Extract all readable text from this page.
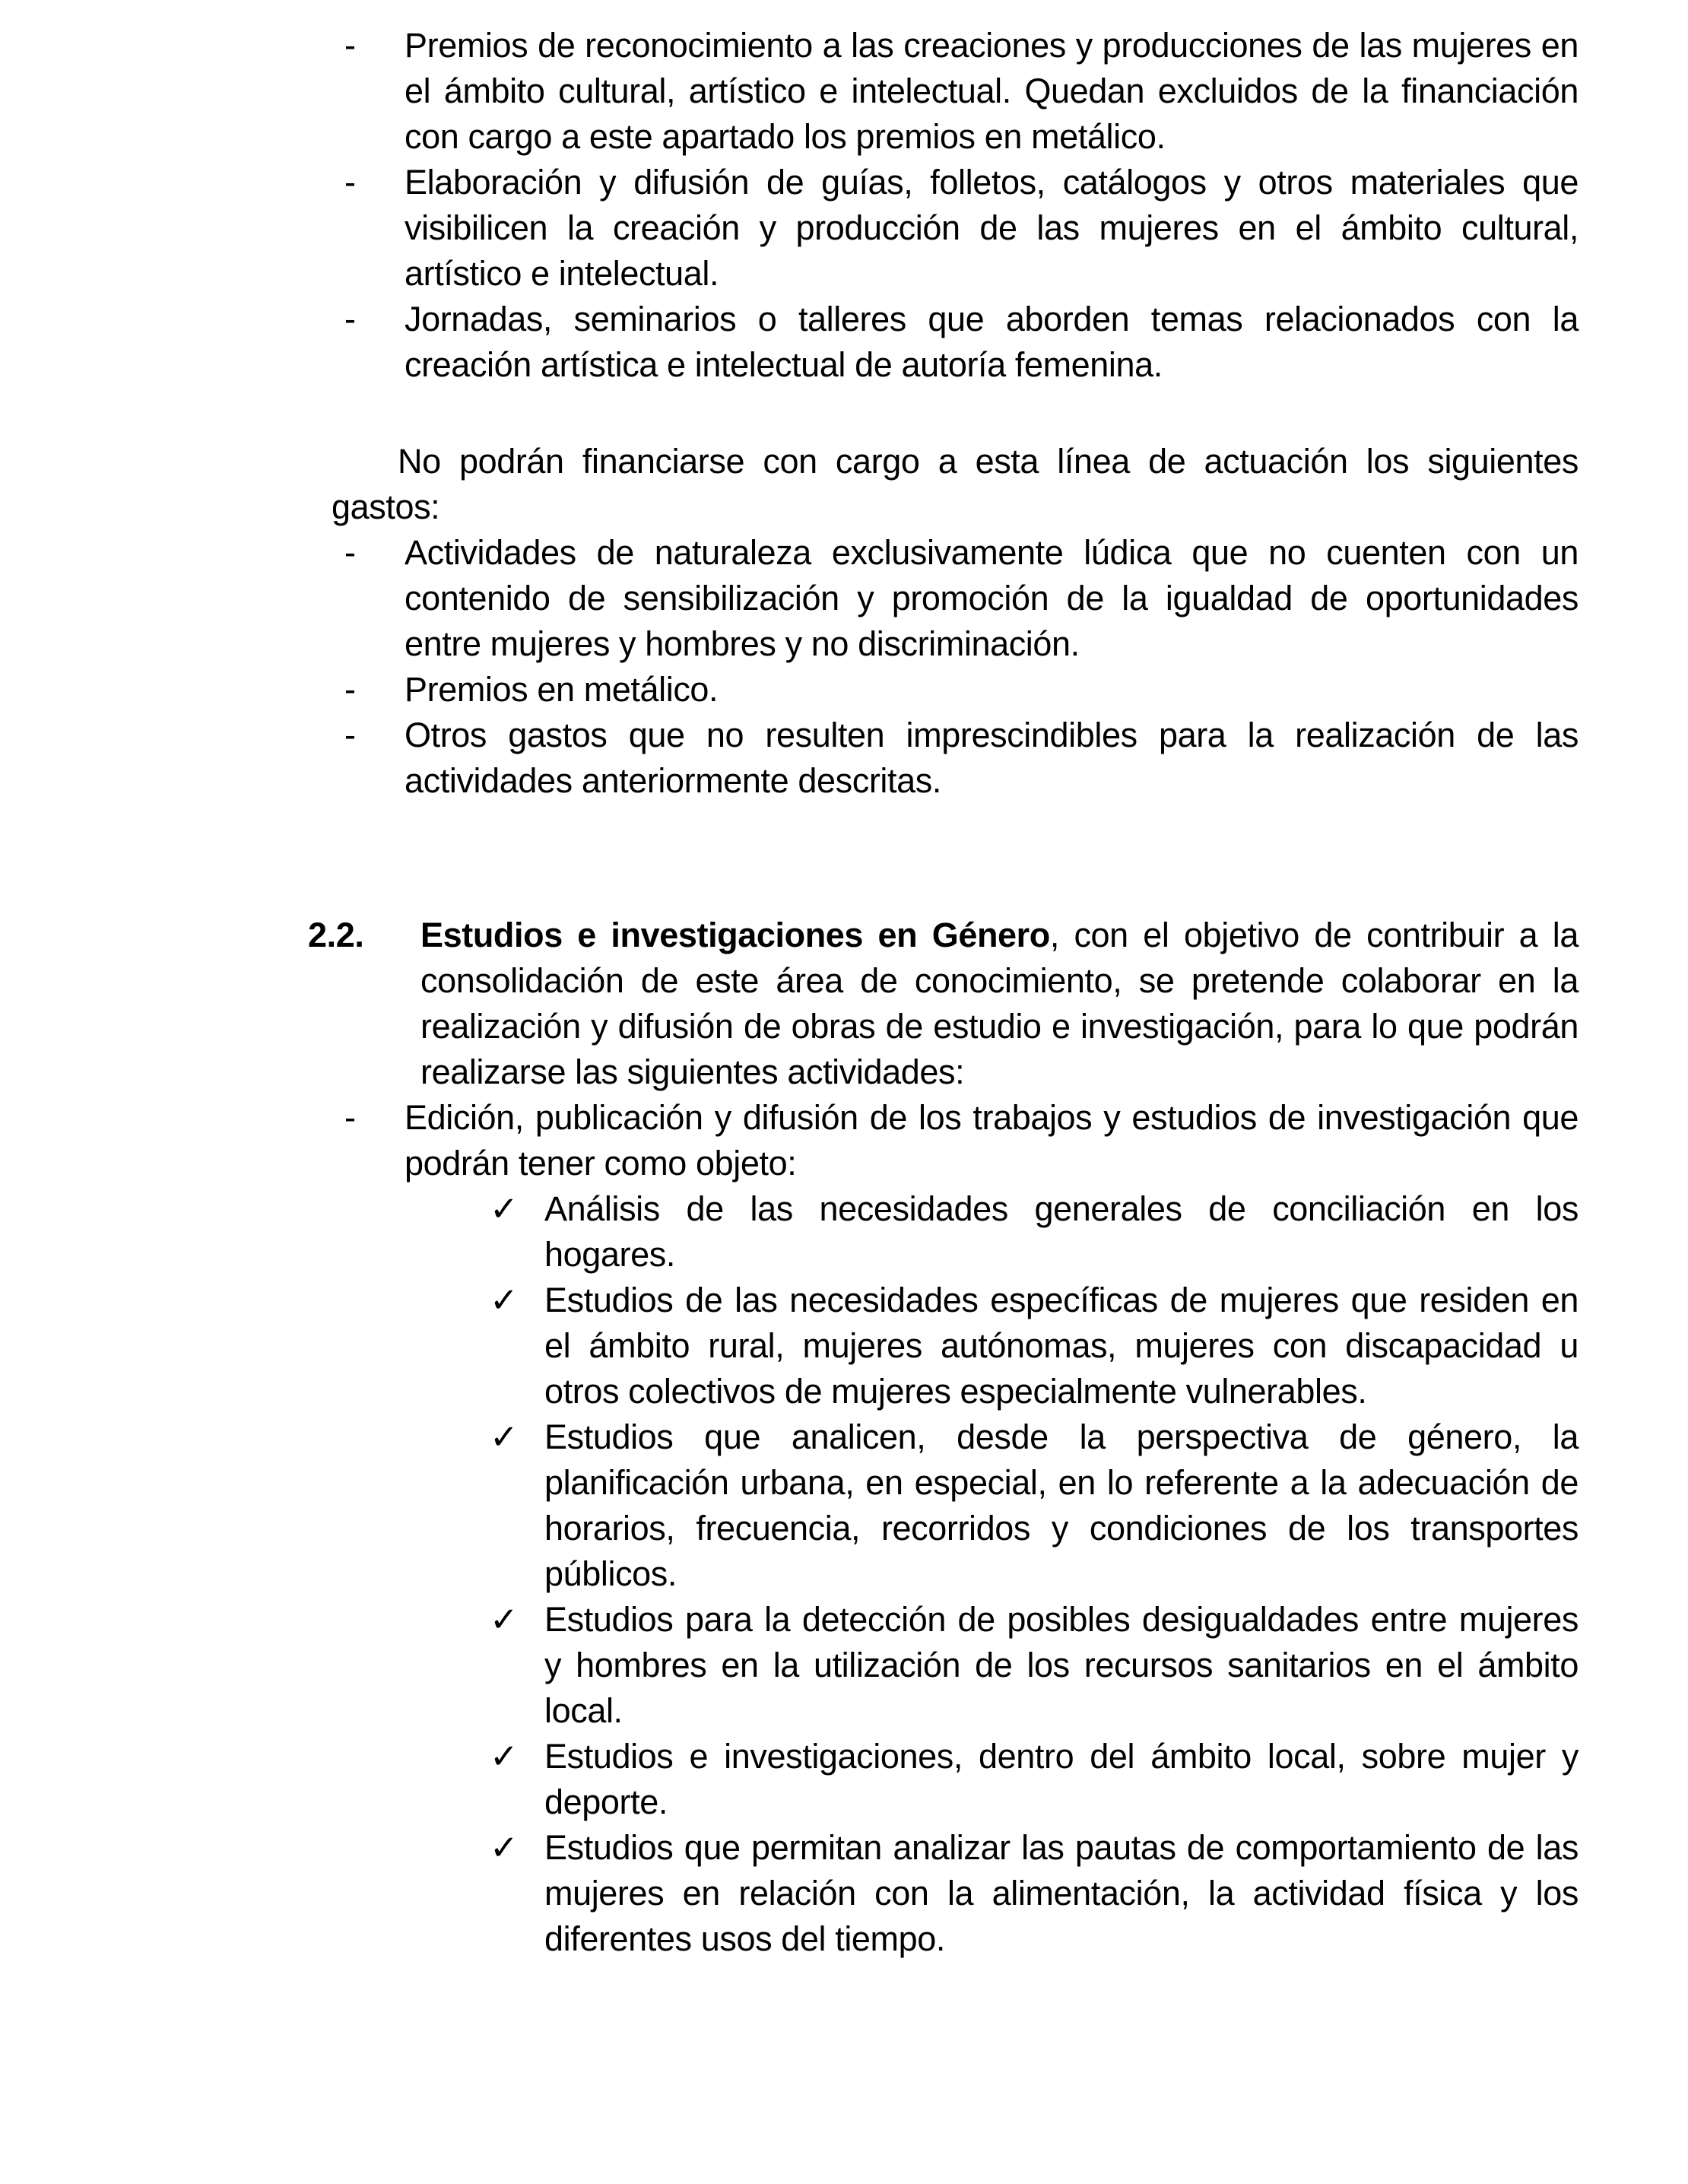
- Premios de reconocimiento a las creaciones y producciones de las mujeres en el ámbito cultural, artístico e intelectual. Quedan excluidos de la financiación con cargo a este apartado los premios en metálico.
- Elaboración y difusión de guías, folletos, catálogos y otros materiales que visibilicen la creación y producción de las mujeres en el ámbito cultural, artístico e intelectual.
- Jornadas, seminarios o talleres que aborden temas relacionados con la creación artística e intelectual de autoría femenina.
No podrán financiarse con cargo a esta línea de actuación los siguientes gastos:
- Actividades de naturaleza exclusivamente lúdica que no cuenten con un contenido de sensibilización y promoción de la igualdad de oportunidades entre mujeres y hombres y no discriminación.
- Premios en metálico.
- Otros gastos que no resulten imprescindibles para la realización de las actividades anteriormente descritas.
2.2. Estudios e investigaciones en Género, con el objetivo de contribuir a la consolidación de este área de conocimiento, se pretende colaborar en la realización y difusión de obras de estudio e investigación, para lo que podrán realizarse las siguientes actividades:
- Edición, publicación y difusión de los trabajos y estudios de investigación que podrán tener como objeto:
✓ Análisis de las necesidades generales de conciliación en los hogares.
✓ Estudios de las necesidades específicas de mujeres que residen en el ámbito rural, mujeres autónomas, mujeres con discapacidad u otros colectivos de mujeres especialmente vulnerables.
✓ Estudios que analicen, desde la perspectiva de género, la planificación urbana, en especial, en lo referente a la adecuación de horarios, frecuencia, recorridos y condiciones de los transportes públicos.
✓ Estudios para la detección de posibles desigualdades entre mujeres y hombres en la utilización de los recursos sanitarios en el ámbito local.
✓ Estudios e investigaciones, dentro del ámbito local, sobre mujer y deporte.
✓ Estudios que permitan analizar las pautas de comportamiento de las mujeres en relación con la alimentación, la actividad física y los diferentes usos del tiempo.
